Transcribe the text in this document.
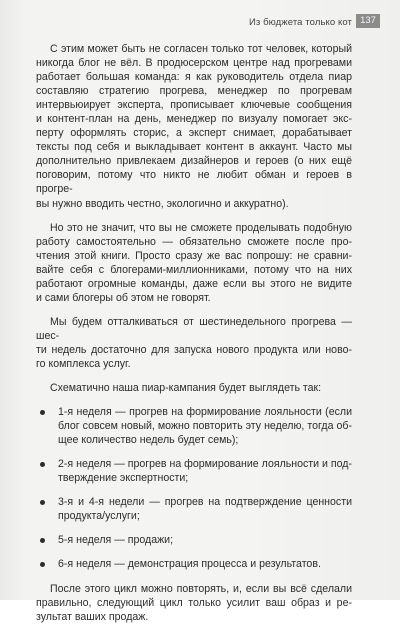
Из бюджета только кот 137

С этим может быть не согласен только тот человек, который
никогда блог не вёл. В продюсерском центре над прогревами
работает большая команда: я как руководитель отдела пиар
составляю стратегию прогрева, менеджер по прогревам
интервьюирует эксперта, прописывает ключевые сообщения
и контент-план на день, менеджер по визуалу помогает экс-
перту оформлять сторис, а эксперт снимает, дорабатывает
тексты под себя и выкладывает контент в аккаунт. Часто мы
дополнительно привлекаем дизайнеров и героев (о них ещё
поговорим, потому что никто не любит обман и героев в прогре-
вы нужно вводить честно, экологично и аккуратно).

Но это не значит, что вы не сможете проделывать подобную
работу самостоятельно — обязательно сможете после про-
чтения этой книги. Просто сразу же вас попрошу: не сравни-
вайте себя с блогерами-миллионниками, потому что на них
работают огромные команды, даже если вы этого не видите
и сами блогеры об этом не говорят.

Мы будем отталкиваться от шестинедельного прогрева — шес-
ти недель достаточно для запуска нового продукта или ново-
го комплекса услуг.

Схематично наша пиар-кампания будет выглядеть так:

1-я неделя — прогрев на формирование лояльности (если
блог совсем новый, можно повторить эту неделю, тогда об-
щее количество недель будет семь);
2-я неделя — прогрев на формирование лояльности и под-
тверждение экспертности;
3-я и 4-я недели — прогрев на подтверждение ценности
продукта/услуги;
5-я неделя — продажи;
6-я неделя — демонстрация процесса и результатов.

После этого цикл можно повторять, и, если вы всё сделали
правильно, следующий цикл только усилит ваш образ и ре-
зультат ваших продаж.
